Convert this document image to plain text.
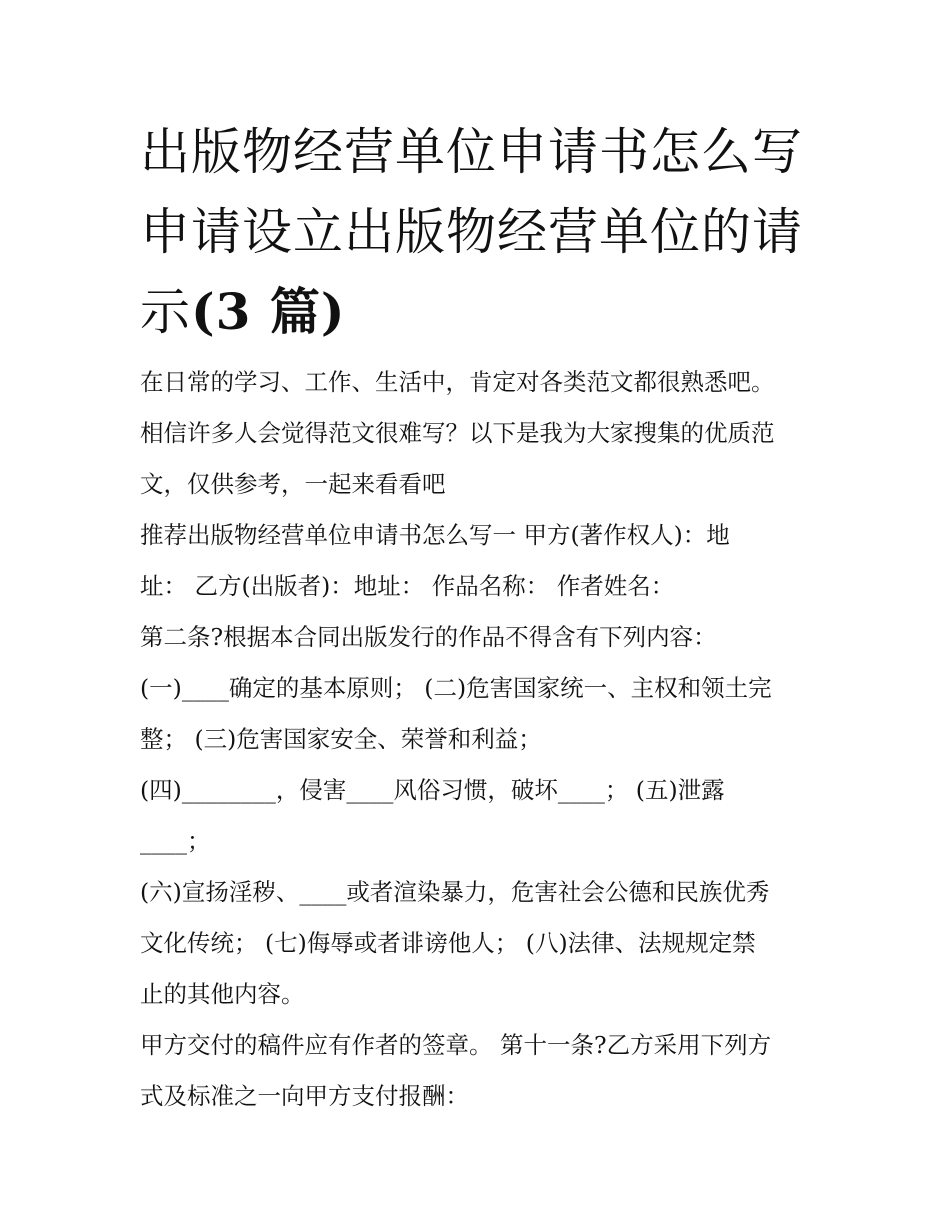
出版物经营单位申请书怎么写
申请设立出版物经营单位的请
示(3 篇)
在日常的学习、工作、生活中，肯定对各类范文都很熟悉吧。
相信许多人会觉得范文很难写？以下是我为大家搜集的优质范
文，仅供参考，一起来看看吧
推荐出版物经营单位申请书怎么写一 甲方(著作权人)：地
址： 乙方(出版者)：地址： 作品名称： 作者姓名：
第二条?根据本合同出版发行的作品不得含有下列内容：
(一)____确定的基本原则； (二)危害国家统一、主权和领土完
整； (三)危害国家安全、荣誉和利益；
(四)________，侵害____风俗习惯，破坏____； (五)泄露
____；
(六)宣扬淫秽、____或者渲染暴力，危害社会公德和民族优秀
文化传统； (七)侮辱或者诽谤他人； (八)法律、法规规定禁
止的其他内容。
甲方交付的稿件应有作者的签章。 第十一条?乙方采用下列方
式及标准之一向甲方支付报酬：
